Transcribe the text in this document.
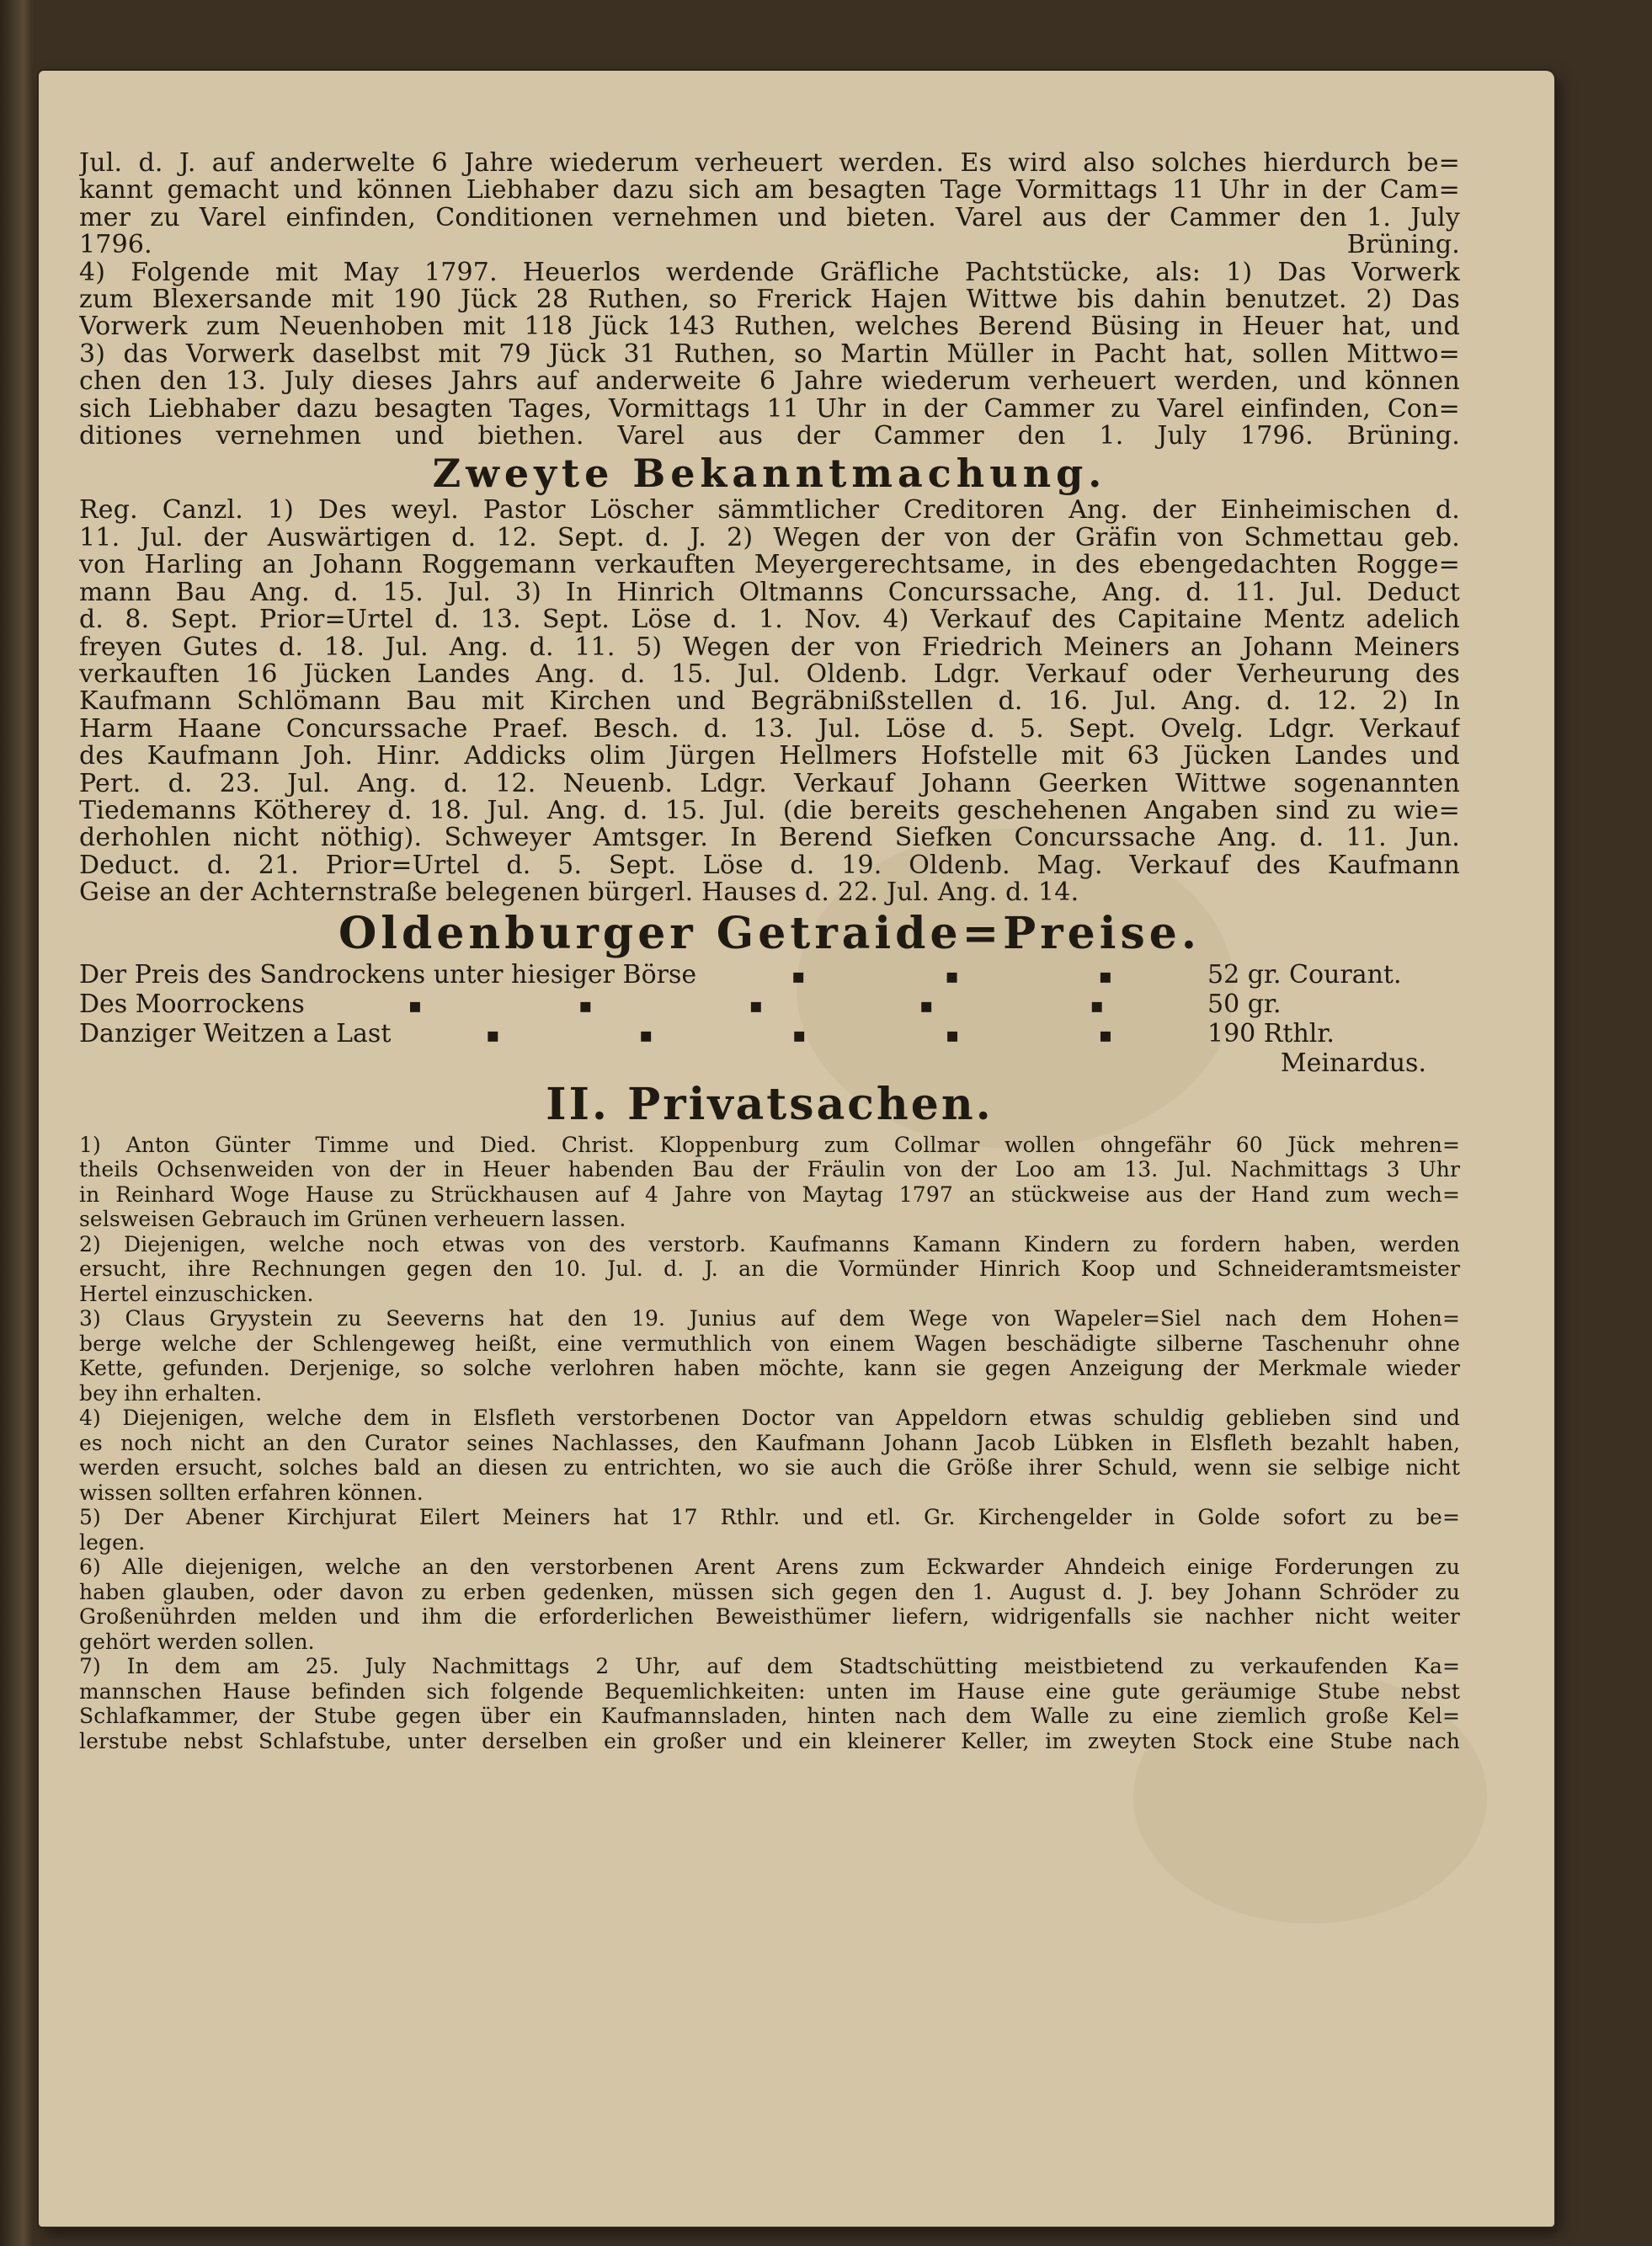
Jul. d. J. auf anderwelte 6 Jahre wiederum verheuert werden. Es wird also solches hierdurch be=
kannt gemacht und können Liebhaber dazu sich am besagten Tage Vormittags 11 Uhr in der Cam=
mer zu Varel einfinden, Conditionen vernehmen und bieten. Varel aus der Cammer den 1. July
1796. Brüning.
4) Folgende mit May 1797. Heuerlos werdende Gräfliche Pachtstücke, als: 1) Das Vorwerk
zum Blexersande mit 190 Jück 28 Ruthen, so Frerick Hajen Wittwe bis dahin benutzet. 2) Das
Vorwerk zum Neuenhoben mit 118 Jück 143 Ruthen, welches Berend Büsing in Heuer hat, und
3) das Vorwerk daselbst mit 79 Jück 31 Ruthen, so Martin Müller in Pacht hat, sollen Mittwo=
chen den 13. July dieses Jahrs auf anderweite 6 Jahre wiederum verheuert werden, und können
sich Liebhaber dazu besagten Tages, Vormittags 11 Uhr in der Cammer zu Varel einfinden, Con=
ditiones vernehmen und biethen. Varel aus der Cammer den 1. July 1796. Brüning.
Zweyte Bekanntmachung.
Reg. Canzl. 1) Des weyl. Pastor Löscher sämmtlicher Creditoren Ang. der Einheimischen d.
11. Jul. der Auswärtigen d. 12. Sept. d. J. 2) Wegen der von der Gräfin von Schmettau geb.
von Harling an Johann Roggemann verkauften Meyergerechtsame, in des ebengedachten Rogge=
mann Bau Ang. d. 15. Jul. 3) In Hinrich Oltmanns Concurssache, Ang. d. 11. Jul. Deduct
d. 8. Sept. Prior=Urtel d. 13. Sept. Löse d. 1. Nov. 4) Verkauf des Capitaine Mentz adelich
freyen Gutes d. 18. Jul. Ang. d. 11. 5) Wegen der von Friedrich Meiners an Johann Meiners
verkauften 16 Jücken Landes Ang. d. 15. Jul. Oldenb. Ldgr. Verkauf oder Verheurung des
Kaufmann Schlömann Bau mit Kirchen und Begräbnißstellen d. 16. Jul. Ang. d. 12. 2) In
Harm Haane Concurssache Praef. Besch. d. 13. Jul. Löse d. 5. Sept. Ovelg. Ldgr. Verkauf
des Kaufmann Joh. Hinr. Addicks olim Jürgen Hellmers Hofstelle mit 63 Jücken Landes und
Pert. d. 23. Jul. Ang. d. 12. Neuenb. Ldgr. Verkauf Johann Geerken Wittwe sogenannten
Tiedemanns Kötherey d. 18. Jul. Ang. d. 15. Jul. (die bereits geschehenen Angaben sind zu wie=
derhohlen nicht nöthig). Schweyer Amtsger. In Berend Siefken Concurssache Ang. d. 11. Jun.
Deduct. d. 21. Prior=Urtel d. 5. Sept. Löse d. 19. Oldenb. Mag. Verkauf des Kaufmann
Geise an der Achternstraße belegenen bürgerl. Hauses d. 22. Jul. Ang. d. 14.
Oldenburger Getraide=Preise.
Der Preis des Sandrockens unter hiesiger Börse	▪	▪	▪	52 gr. Courant.
Des Moorrockens	▪	▪	▪	▪	▪	50 gr.
Danziger Weitzen a Last	▪	▪	▪	▪	▪	190 Rthlr.
Meinardus.
II. Privatsachen.
1) Anton Günter Timme und Died. Christ. Kloppenburg zum Collmar wollen ohngefähr 60 Jück mehren=
theils Ochsenweiden von der in Heuer habenden Bau der Fräulin von der Loo am 13. Jul. Nachmittags 3 Uhr
in Reinhard Woge Hause zu Strückhausen auf 4 Jahre von Maytag 1797 an stückweise aus der Hand zum wech=
selsweisen Gebrauch im Grünen verheuern lassen.
2) Diejenigen, welche noch etwas von des verstorb. Kaufmanns Kamann Kindern zu fordern haben, werden
ersucht, ihre Rechnungen gegen den 10. Jul. d. J. an die Vormünder Hinrich Koop und Schneideramtsmeister
Hertel einzuschicken.
3) Claus Gryystein zu Seeverns hat den 19. Junius auf dem Wege von Wapeler=Siel nach dem Hohen=
berge welche der Schlengeweg heißt, eine vermuthlich von einem Wagen beschädigte silberne Taschenuhr ohne
Kette, gefunden. Derjenige, so solche verlohren haben möchte, kann sie gegen Anzeigung der Merkmale wieder
bey ihn erhalten.
4) Diejenigen, welche dem in Elsfleth verstorbenen Doctor van Appeldorn etwas schuldig geblieben sind und
es noch nicht an den Curator seines Nachlasses, den Kaufmann Johann Jacob Lübken in Elsfleth bezahlt haben,
werden ersucht, solches bald an diesen zu entrichten, wo sie auch die Größe ihrer Schuld, wenn sie selbige nicht
wissen sollten erfahren können.
5) Der Abener Kirchjurat Eilert Meiners hat 17 Rthlr. und etl. Gr. Kirchengelder in Golde sofort zu be=
legen.
6) Alle diejenigen, welche an den verstorbenen Arent Arens zum Eckwarder Ahndeich einige Forderungen zu
haben glauben, oder davon zu erben gedenken, müssen sich gegen den 1. August d. J. bey Johann Schröder zu
Großenührden melden und ihm die erforderlichen Beweisthümer liefern, widrigenfalls sie nachher nicht weiter
gehört werden sollen.
7) In dem am 25. July Nachmittags 2 Uhr, auf dem Stadtschütting meistbietend zu verkaufenden Ka=
mannschen Hause befinden sich folgende Bequemlichkeiten: unten im Hause eine gute geräumige Stube nebst
Schlafkammer, der Stube gegen über ein Kaufmannsladen, hinten nach dem Walle zu eine ziemlich große Kel=
lerstube nebst Schlafstube, unter derselben ein großer und ein kleinerer Keller, im zweyten Stock eine Stube nach
